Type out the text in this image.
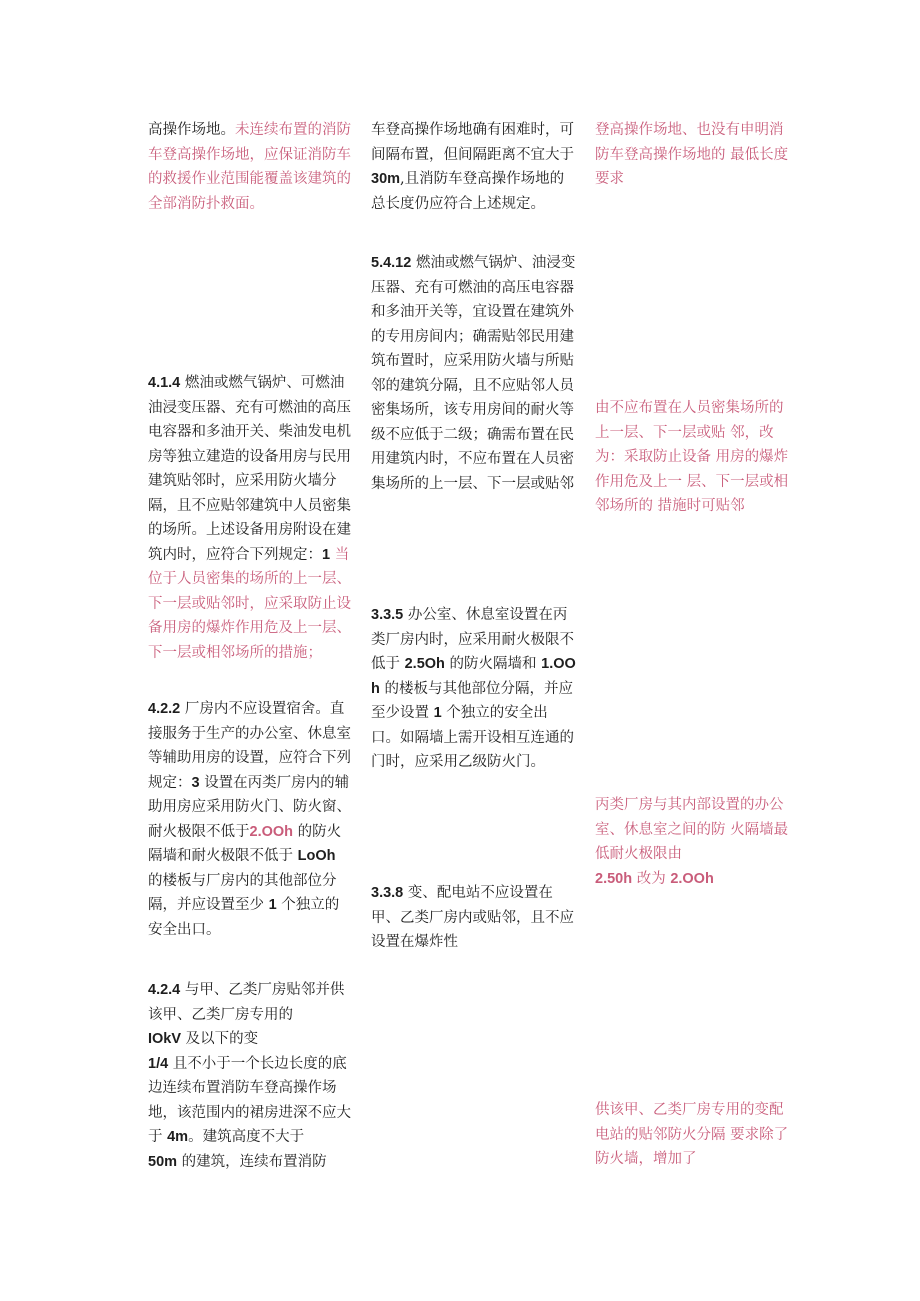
高操作场地。未连续布置的消防车登高操作场地，应保证消防车的救援作业范围能覆盖该建筑的全部消防扑救面。

4.1.4 燃油或燃气锅炉、可燃油油浸变压器、充有可燃油的高压电容器和多油开关、柴油发电机房等独立建造的设备用房与民用建筑贴邻时，应采用防火墙分隔，且不应贴邻建筑中人员密集的场所。上述设备用房附设在建筑内时，应符合下列规定：1 当位于人员密集的场所的上一层、下一层或贴邻时，应采取防止设备用房的爆炸作用危及上一层、下一层或相邻场所的措施；

4.2.2 厂房内不应设置宿舍。直接服务于生产的办公室、休息室等辅助用房的设置，应符合下列规定：3 设置在丙类厂房内的辅助用房应采用防火门、防火窗、耐火极限不低于2.OOh 的防火隔墙和耐火极限不低于 LoOh 的楼板与厂房内的其他部位分隔，并应设置至少 1 个独立的安全出口。

4.2.4 与甲、乙类厂房贴邻并供该甲、乙类厂房专用的
IOkV 及以下的变
1/4 且不小于一个长边长度的底边连续布置消防车登高操作场地，该范围内的裙房进深不应大于 4m。建筑高度不大于
50m 的建筑，连续布置消防

车登高操作场地确有困难时，可间隔布置，但间隔距离不宜大于 30m,且消防车登高操作场地的总长度仍应符合上述规定。

5.4.12 燃油或燃气锅炉、油浸变压器、充有可燃油的高压电容器和多油开关等，宜设置在建筑外的专用房间内；确需贴邻民用建筑布置时，应采用防火墙与所贴邻的建筑分隔，且不应贴邻人员密集场所，该专用房间的耐火等级不应低于二级；确需布置在民用建筑内时，不应布置在人员密集场所的上一层、下一层或贴邻

3.3.5 办公室、休息室设置在丙类厂房内时，应采用耐火极限不低于 2.5Oh 的防火隔墙和 1.OOh 的楼板与其他部位分隔，并应至少设置 1 个独立的安全出口。如隔墙上需开设相互连通的门时，应采用乙级防火门。

3.3.8 变、配电站不应设置在甲、乙类厂房内或贴邻，且不应设置在爆炸性

登高操作场地、也没有申明消防车登高操作场地的 最低长度要求

由不应布置在人员密集场所的上一层、下一层或贴 邻，改为：采取防止设备 用房的爆炸作用危及上一 层、下一层或相邻场所的 措施时可贴邻

丙类厂房与其内部设置的办公室、休息室之间的防 火隔墙最低耐火极限由
2.50h 改为 2.OOh

供该甲、乙类厂房专用的变配电站的贴邻防火分隔 要求除了防火墙，增加了
